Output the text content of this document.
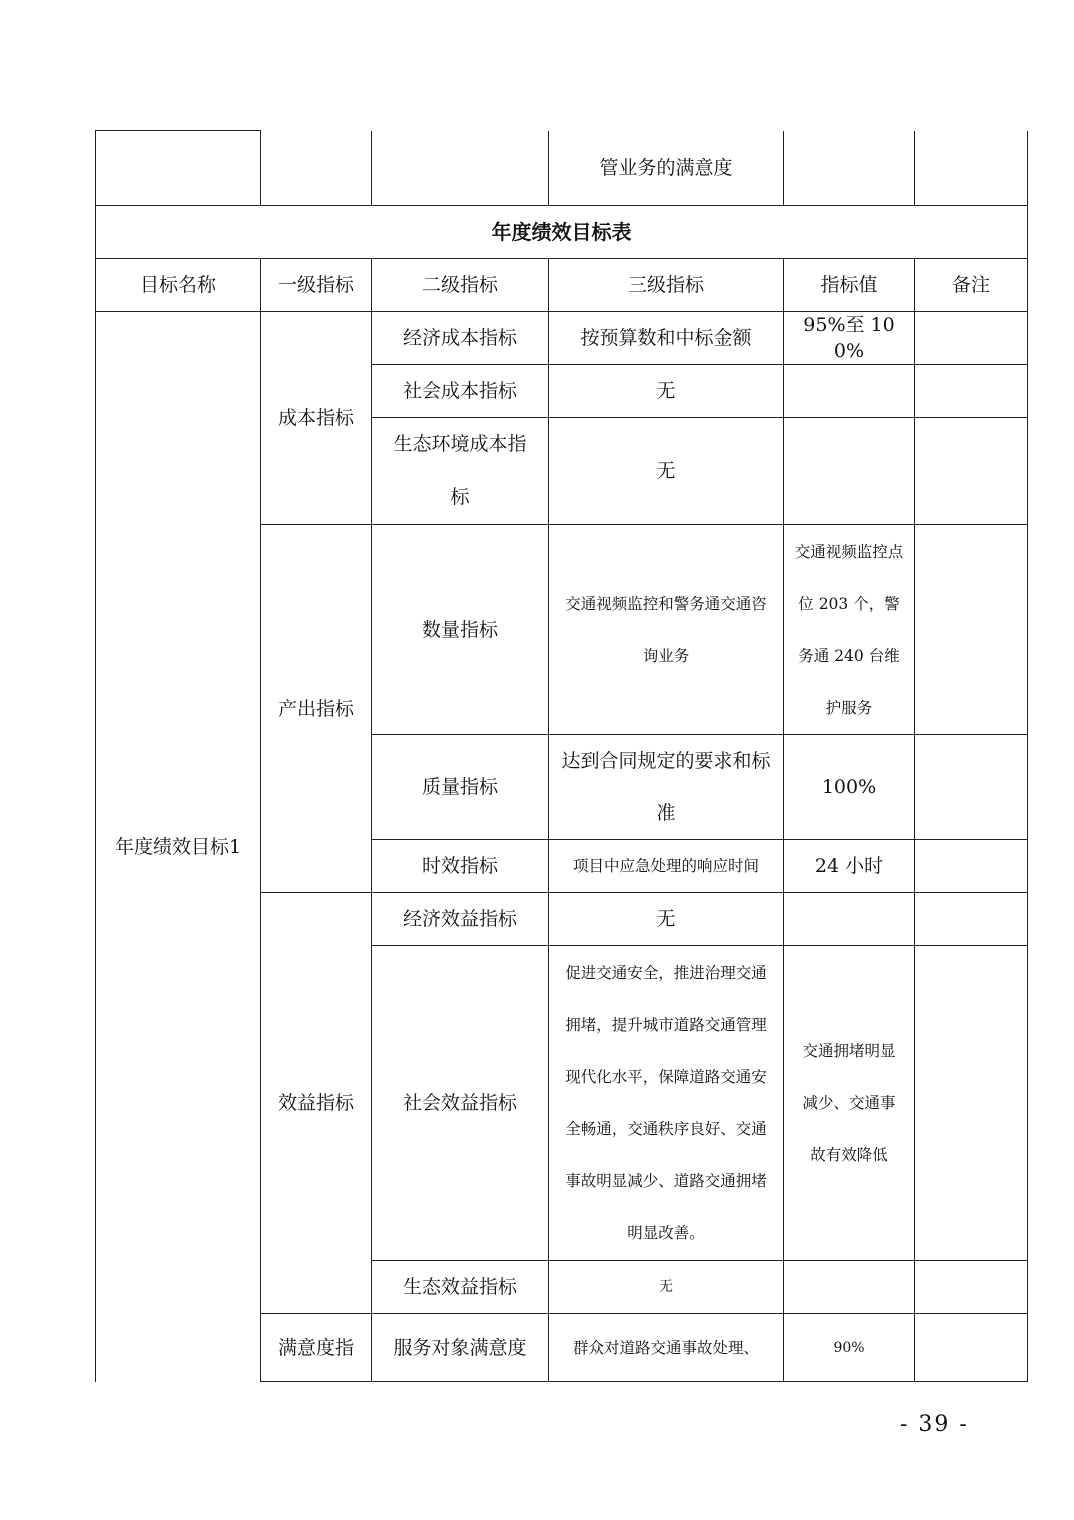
			管业务的满意度		
年度绩效目标表					
目标名称	一级指标	二级指标	三级指标	指标值	备注
年度绩效目标1	成本指标	经济成本指标	按预算数和中标金额	95%至 100%	
		社会成本指标	无		
		生态环境成本指标	无		
	产出指标	数量指标	交通视频监控和警务通交通咨询业务	交通视频监控点位 203 个，警务通 240 台维护服务	
		质量指标	达到合同规定的要求和标准	100%	
		时效指标	项目中应急处理的响应时间	24 小时	
	效益指标	经济效益指标	无		
		社会效益指标	促进交通安全，推进治理交通拥堵，提升城市道路交通管理现代化水平，保障道路交通安全畅通，交通秩序良好、交通事故明显减少、道路交通拥堵明显改善。	交通拥堵明显减少、交通事故有效降低	
		生态效益指标	无		
	满意度指	服务对象满意度	群众对道路交通事故处理、	90%	
- 39 -
